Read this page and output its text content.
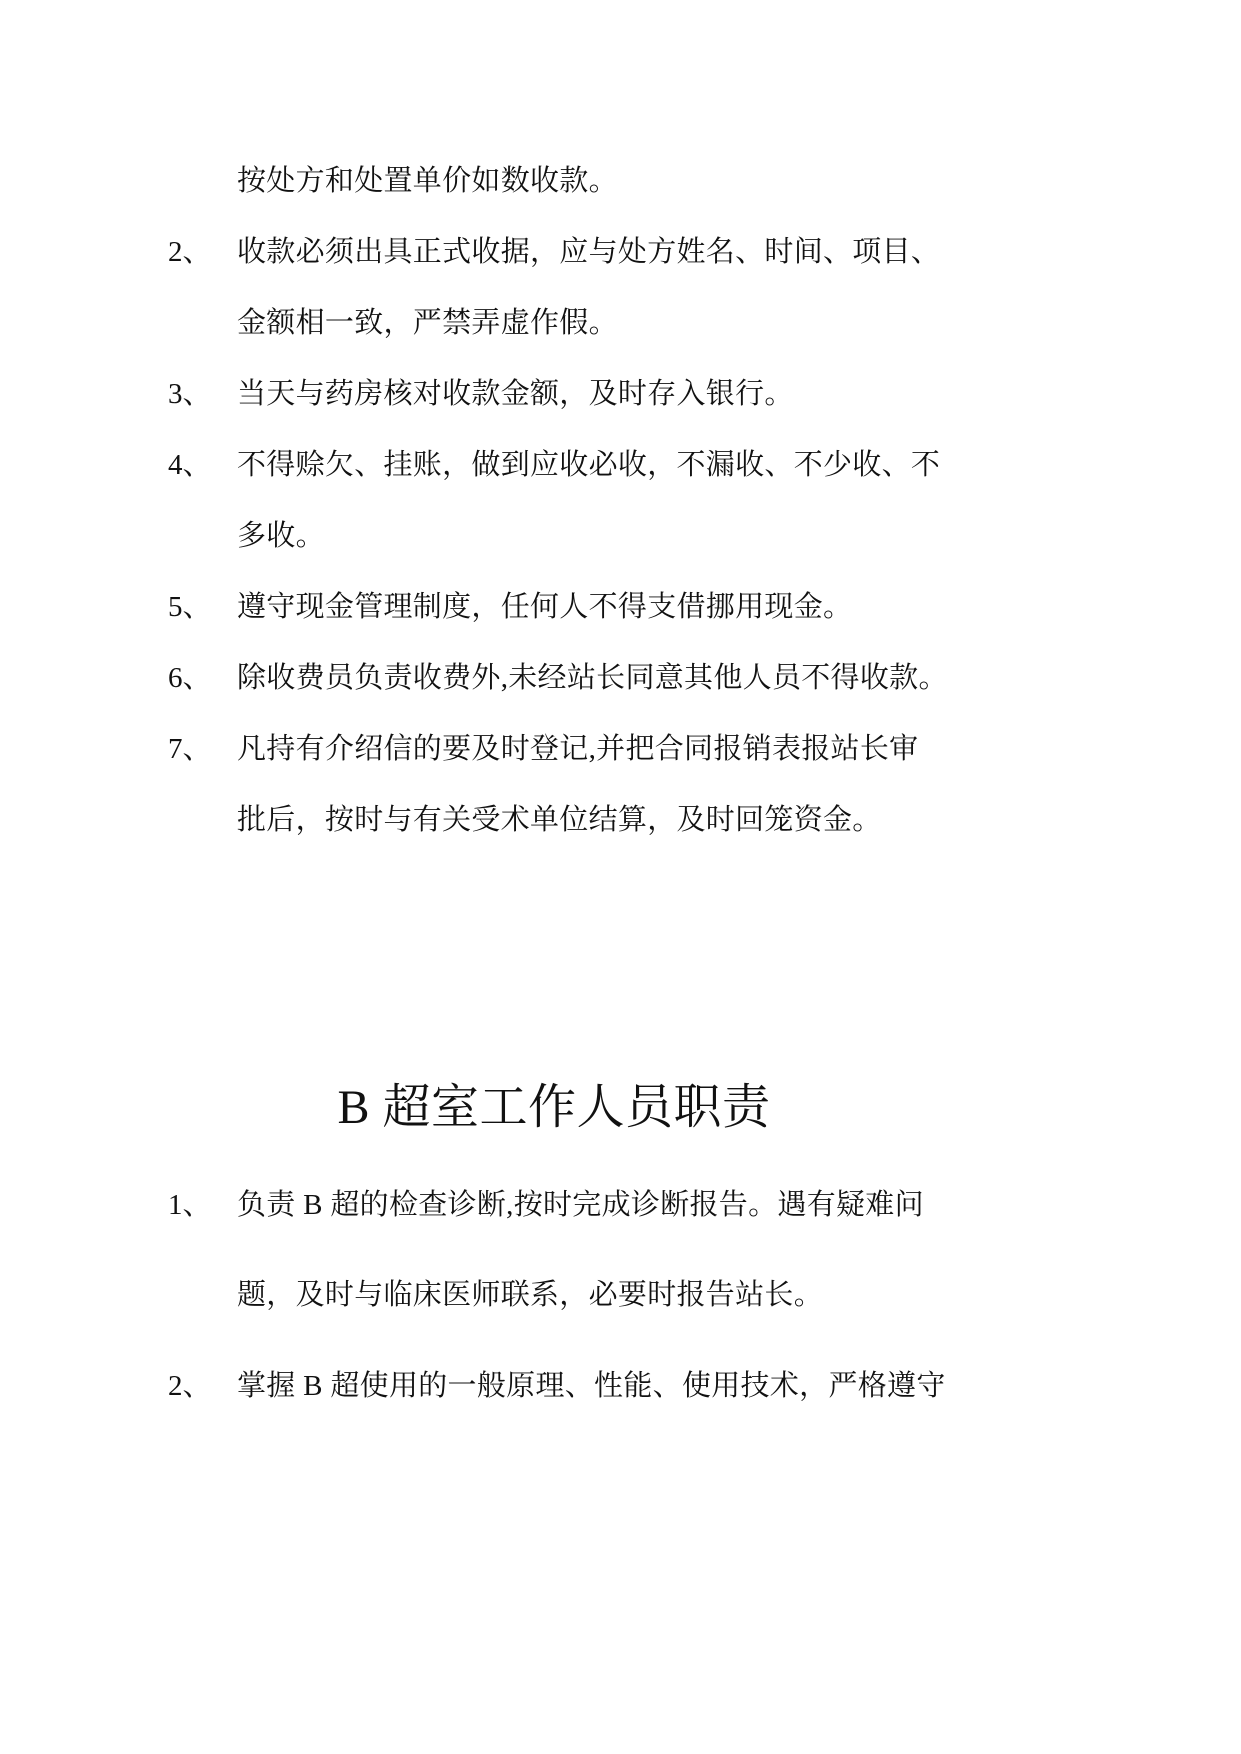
按处方和处置单价如数收款。
2、 收款必须出具正式收据，应与处方姓名、时间、项目、
金额相一致，严禁弄虚作假。
3、 当天与药房核对收款金额，及时存入银行。
4、 不得赊欠、挂账，做到应收必收，不漏收、不少收、不
多收。
5、 遵守现金管理制度，任何人不得支借挪用现金。
6、 除收费员负责收费外,未经站长同意其他人员不得收款。
7、 凡持有介绍信的要及时登记,并把合同报销表报站长审
批后，按时与有关受术单位结算，及时回笼资金。
B 超室工作人员职责
1、 负责 B 超的检查诊断,按时完成诊断报告。遇有疑难问
题，及时与临床医师联系，必要时报告站长。
2、 掌握 B 超使用的一般原理、性能、使用技术，严格遵守
